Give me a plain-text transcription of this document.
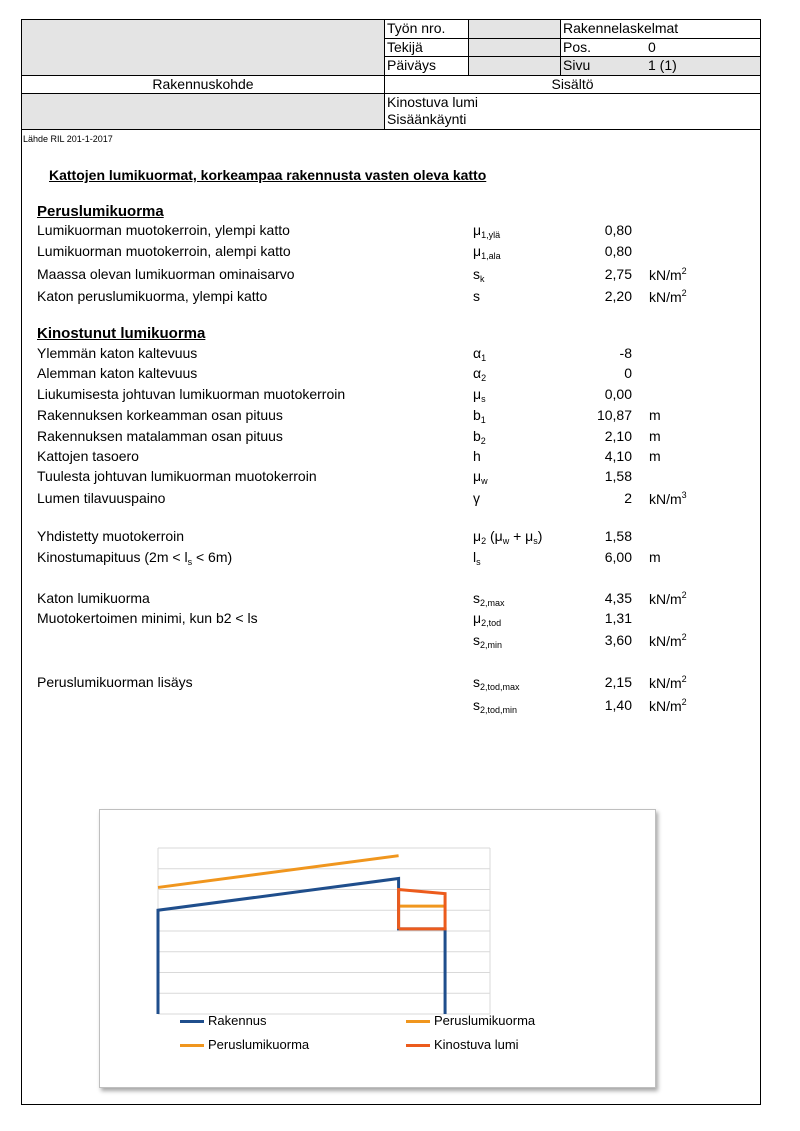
Työn nro.	Rakennelaskelmat
Tekijä	Pos.	0
Päiväys	Sivu	1 (1)
Rakennuskohde	Sisältö
Kinostuva lumi
Sisäänkäynti
Lähde RIL 201-1-2017
Kattojen lumikuormat, korkeampaa rakennusta vasten oleva katto
Peruslumikuorma
Kinostunut lumikuorma
Lumikuorman muotokerroin, ylempi katto	$\mu_{1,ylä}$	0,80
Lumikuorman muotokerroin, alempi katto	$\mu_{1,ala}$	0,80
Maassa olevan lumikuorman ominaisarvo	$s_k$	2,75 $kN/m^2$
Katon peruslumikuorma, ylempi katto	s	2,20 $kN/m^2$
Ylemmän katon kaltevuus	$\alpha_1$	-8
Alemman katon kaltevuus	$\alpha_2$	0
Liukumisesta johtuvan lumikuorman muotokerroin	$\mu_s$	0,00
Rakennuksen korkeamman osan pituus	$b_1$	10,87 m
Rakennuksen matalamman osan pituus	$b_2$	2,10 m
Kattojen tasoero	h	4,10 m
Tuulesta johtuvan lumikuorman muotokerroin	$\mu_w$	1,58
Lumen tilavuuspaino	γ	2 $kN/m^3$
Yhdistetty muotokerroin	$\mu_2$ $(\mu_w + \mu_s)$	1,58
Kinostumapituus $(2m < l_s < 6m)$	$l_s$	6,00 m
Katon lumikuorma	$s_{2,max}$	4,35 $kN/m^2$
Muotokertoimen minimi, kun b2 < ls	$\mu_{2,tod}$	1,31
$s_{2,min}$	3,60 $kN/m^2$
Peruslumikuorman lisäys	$s_{2,tod,max}$	2,15 $kN/m^2$
$s_{2,tod,min}$	1,40 $kN/m^2$
Rakennus	Peruslumikuorma
Peruslumikuorma	Kinostuva lumi
